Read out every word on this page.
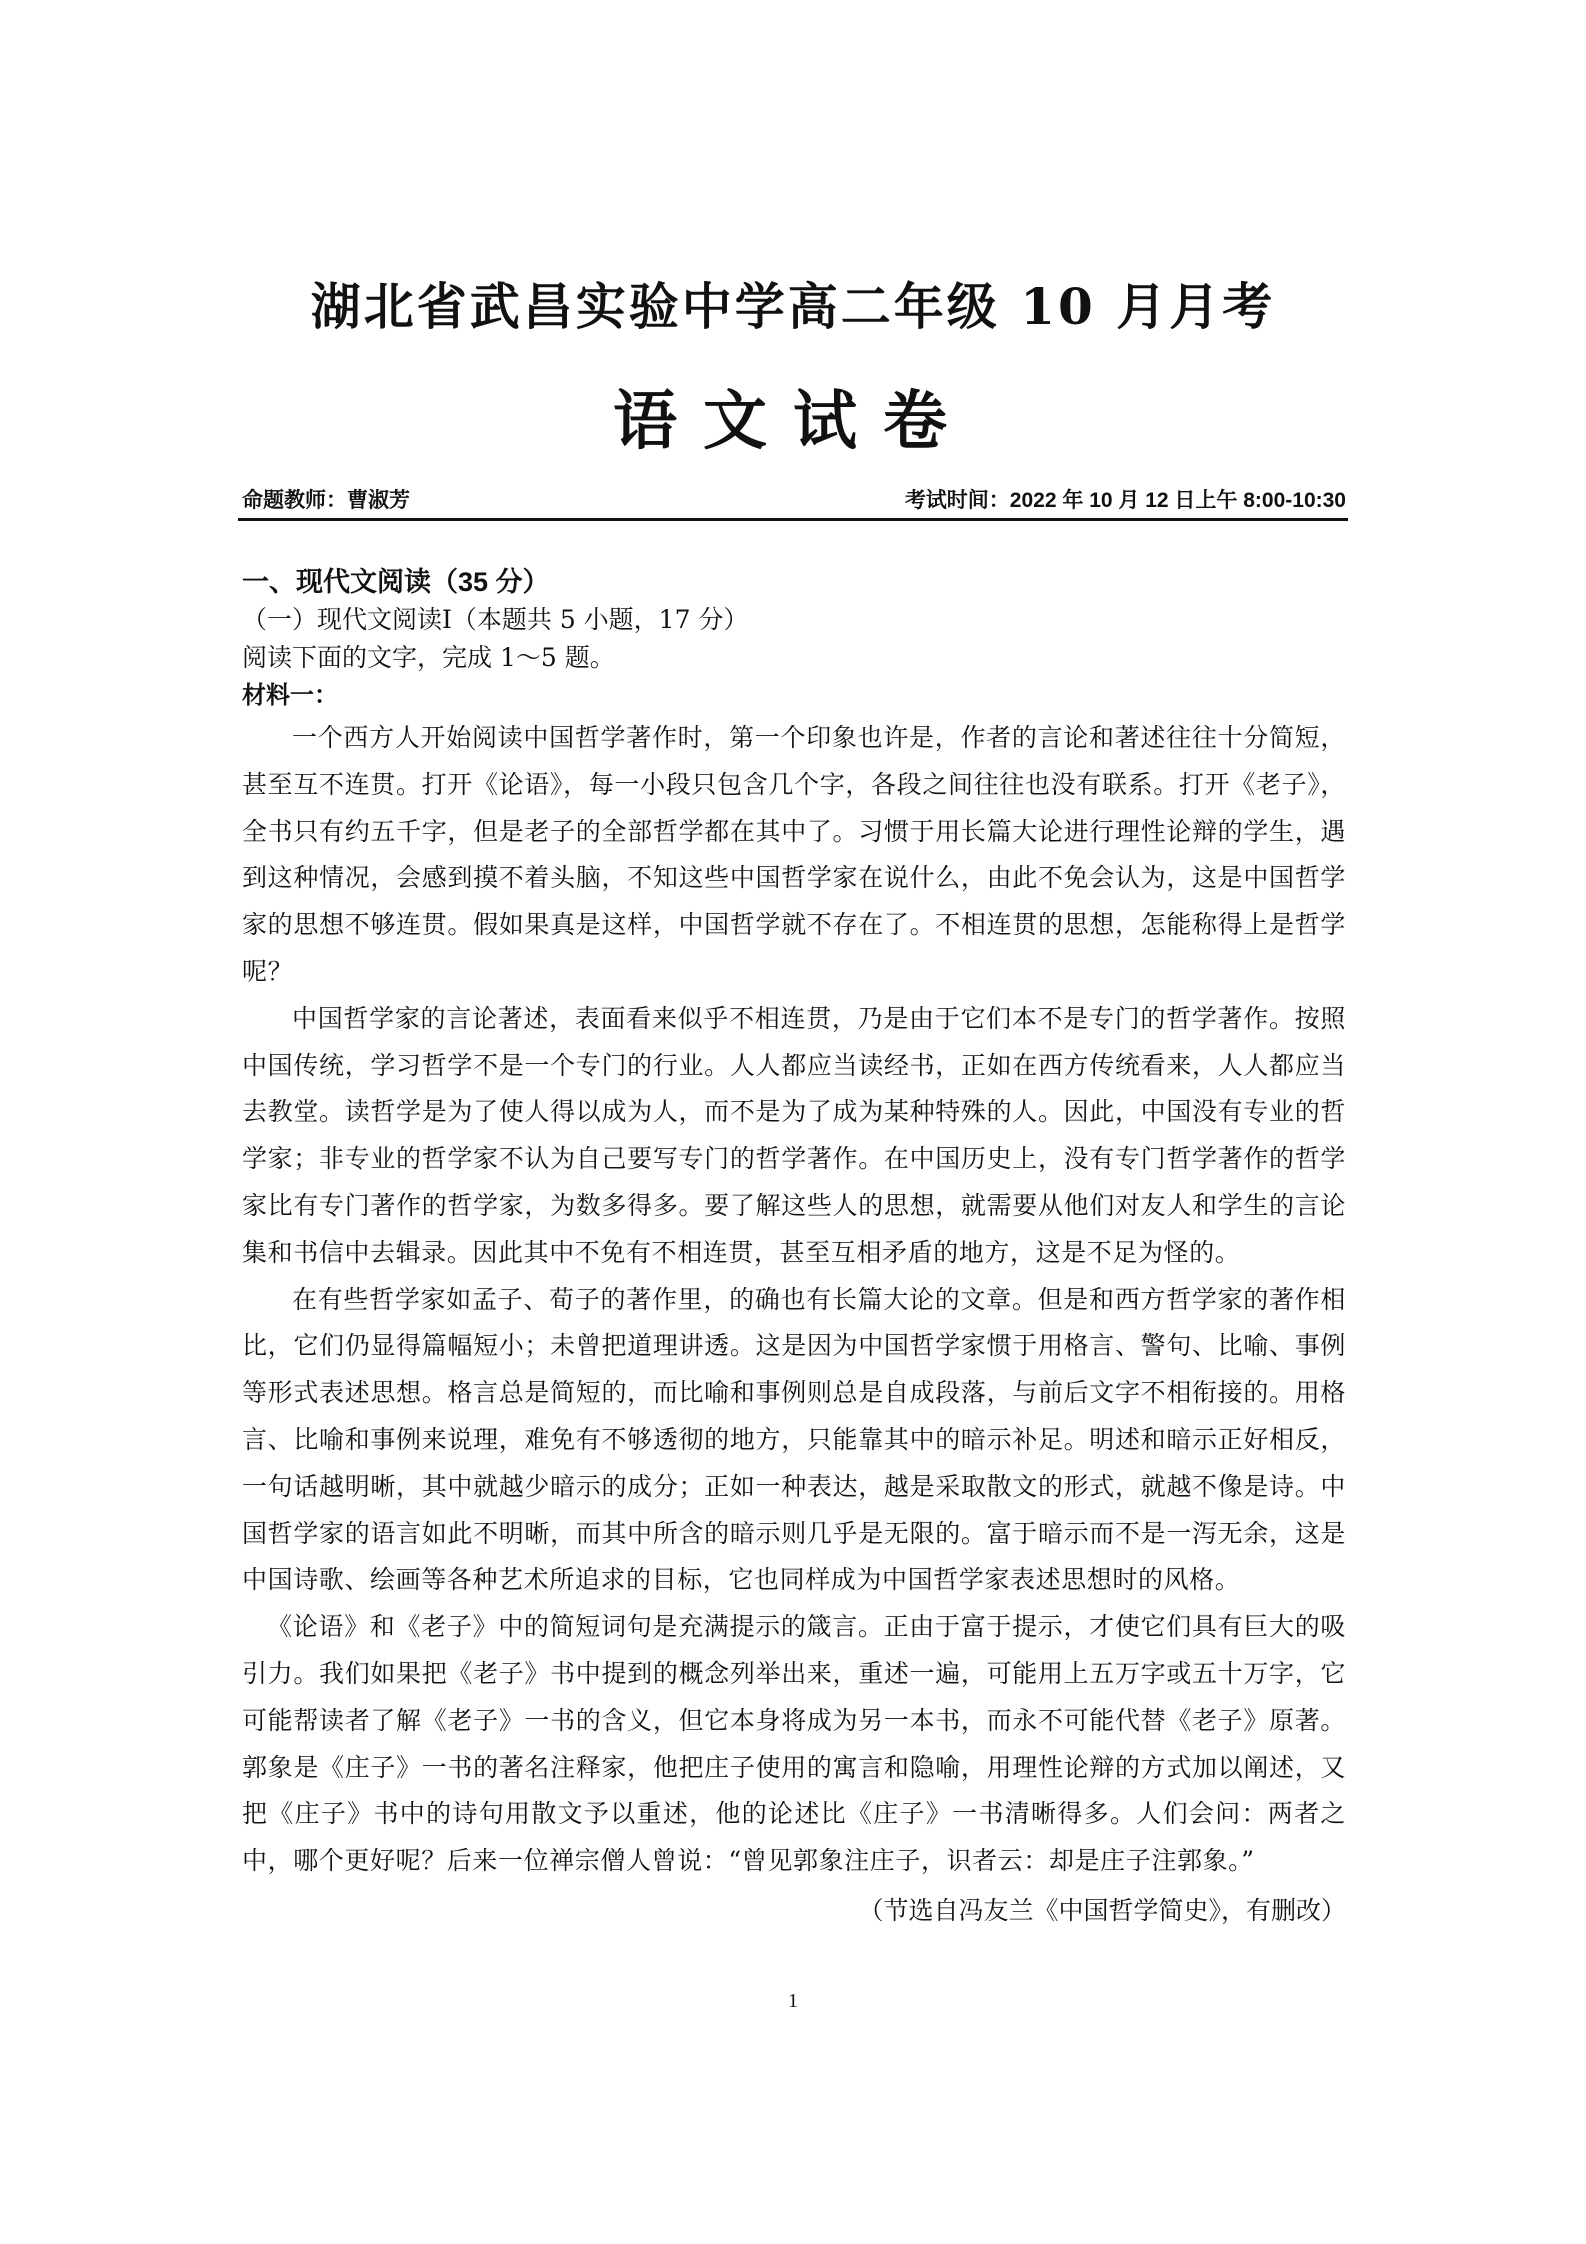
湖北省武昌实验中学高二年级 10 月月考
语文试卷
命题教师：曹淑芳	考试时间：2022 年 10 月 12 日上午 8:00-10:30

一、现代文阅读（35 分）

（一）现代文阅读Ⅰ（本题共 5 小题，17 分）

阅读下面的文字，完成 1～5 题。

材料一：

一个西方人开始阅读中国哲学著作时，第一个印象也许是，作者的言论和著述往往十分简短，甚至互不连贯。打开《论语》，每一小段只包含几个字，各段之间往往也没有联系。打开《老子》，全书只有约五千字，但是老子的全部哲学都在其中了。习惯于用长篇大论进行理性论辩的学生，遇到这种情况，会感到摸不着头脑，不知这些中国哲学家在说什么，由此不免会认为，这是中国哲学家的思想不够连贯。假如果真是这样，中国哲学就不存在了。不相连贯的思想，怎能称得上是哲学呢？

中国哲学家的言论著述，表面看来似乎不相连贯，乃是由于它们本不是专门的哲学著作。按照中国传统，学习哲学不是一个专门的行业。人人都应当读经书，正如在西方传统看来，人人都应当去教堂。读哲学是为了使人得以成为人，而不是为了成为某种特殊的人。因此，中国没有专业的哲学家；非专业的哲学家不认为自己要写专门的哲学著作。在中国历史上，没有专门哲学著作的哲学家比有专门著作的哲学家，为数多得多。要了解这些人的思想，就需要从他们对友人和学生的言论集和书信中去辑录。因此其中不免有不相连贯，甚至互相矛盾的地方，这是不足为怪的。

在有些哲学家如孟子、荀子的著作里，的确也有长篇大论的文章。但是和西方哲学家的著作相比，它们仍显得篇幅短小；未曾把道理讲透。这是因为中国哲学家惯于用格言、警句、比喻、事例等形式表述思想。格言总是简短的，而比喻和事例则总是自成段落，与前后文字不相衔接的。用格言、比喻和事例来说理，难免有不够透彻的地方，只能靠其中的暗示补足。明述和暗示正好相反，一句话越明晰，其中就越少暗示的成分；正如一种表达，越是采取散文的形式，就越不像是诗。中国哲学家的语言如此不明晰，而其中所含的暗示则几乎是无限的。富于暗示而不是一泻无余，这是中国诗歌、绘画等各种艺术所追求的目标，它也同样成为中国哲学家表述思想时的风格。

《论语》和《老子》中的简短词句是充满提示的箴言。正由于富于提示，才使它们具有巨大的吸引力。我们如果把《老子》书中提到的概念列举出来，重述一遍，可能用上五万字或五十万字，它可能帮读者了解《老子》一书的含义，但它本身将成为另一本书，而永不可能代替《老子》原著。郭象是《庄子》一书的著名注释家，他把庄子使用的寓言和隐喻，用理性论辩的方式加以阐述，又把《庄子》书中的诗句用散文予以重述，他的论述比《庄子》一书清晰得多。人们会问：两者之中，哪个更好呢？后来一位禅宗僧人曾说：“曾见郭象注庄子，识者云：却是庄子注郭象。”

（节选自冯友兰《中国哲学简史》，有删改）

1
